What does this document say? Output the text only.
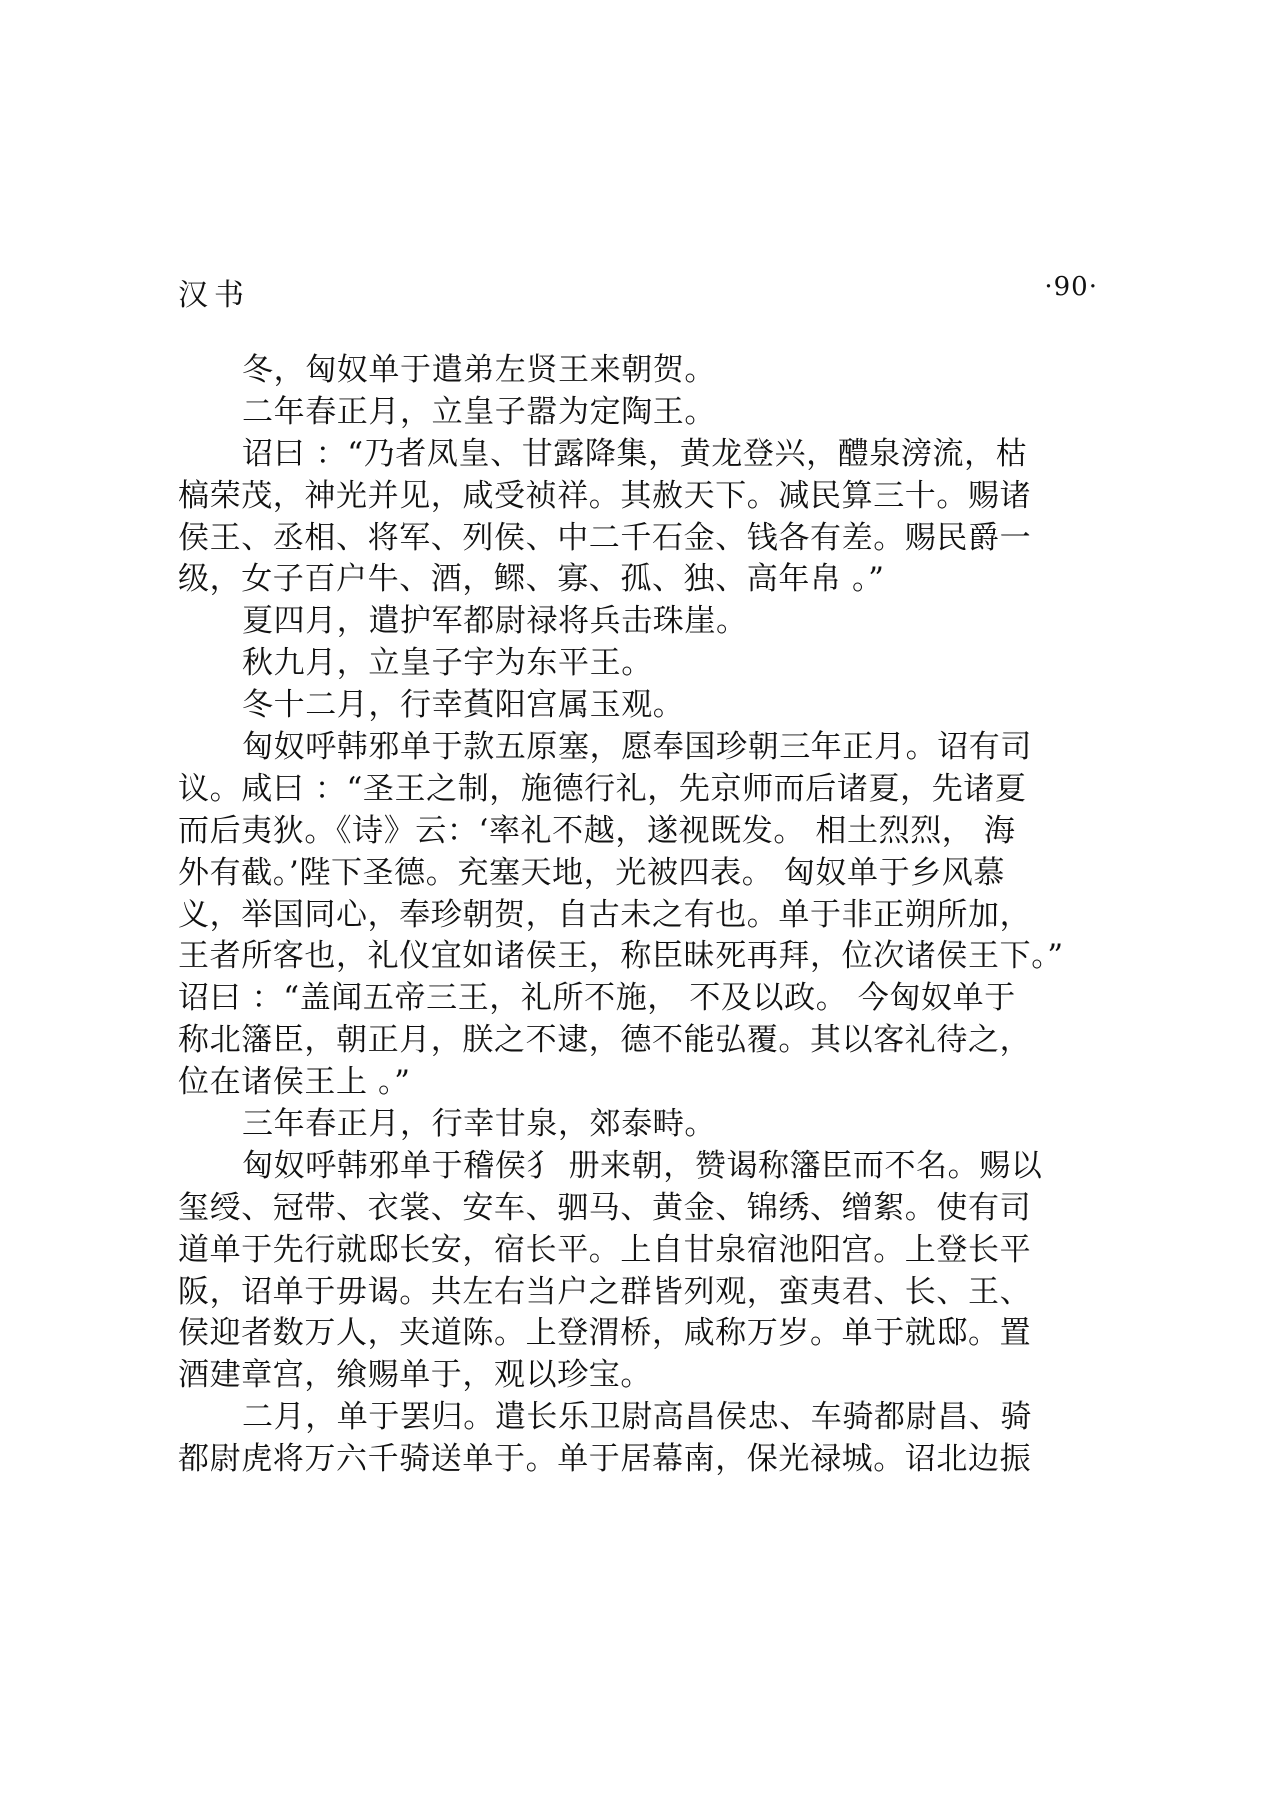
汉书	·90·
冬，匈奴单于遣弟左贤王来朝贺。
二年春正月，立皇子嚣为定陶王。
诏曰 ：“乃者凤皇、甘露降集，黄龙登兴，醴泉滂流，枯
槁荣茂，神光并见，咸受祯祥。其赦天下。减民算三十。赐诸
侯王、丞相、将军、列侯、中二千石金、钱各有差。赐民爵一
级，女子百户牛、酒，鳏、寡、孤、独、高年帛 。”
夏四月，遣护军都尉禄将兵击珠崖。
秋九月，立皇子宇为东平王。
冬十二月，行幸萯阳宫属玉观。
匈奴呼韩邪单于款五原塞，愿奉国珍朝三年正月。诏有司
议。咸曰 ：“圣王之制，施德行礼，先京师而后诸夏，先诸夏
而后夷狄。《诗》云：‘率礼不越，遂视既发。 相土烈烈， 海
外有截。’陛下圣德。充塞天地，光被四表。 匈奴单于乡风慕
义，举国同心，奉珍朝贺，自古未之有也。单于非正朔所加，
王者所客也，礼仪宜如诸侯王，称臣昧死再拜，位次诸侯王下。”
诏曰 ：“盖闻五帝三王，礼所不施， 不及以政。 今匈奴单于
称北籓臣，朝正月，朕之不逮，德不能弘覆。其以客礼待之，
位在诸侯王上 。”
三年春正月，行幸甘泉，郊泰畤。
匈奴呼韩邪单于稽侯犭 册来朝，赞谒称籓臣而不名。赐以
玺绶、冠带、衣裳、安车、驷马、黄金、锦绣、缯絮。使有司
道单于先行就邸长安，宿长平。上自甘泉宿池阳宫。上登长平
阪，诏单于毋谒。共左右当户之群皆列观，蛮夷君、长、王、
侯迎者数万人，夹道陈。上登渭桥，咸称万岁。单于就邸。置
酒建章宫，飨赐单于，观以珍宝。
二月，单于罢归。遣长乐卫尉高昌侯忠、车骑都尉昌、骑
都尉虎将万六千骑送单于。单于居幕南，保光禄城。诏北边振
